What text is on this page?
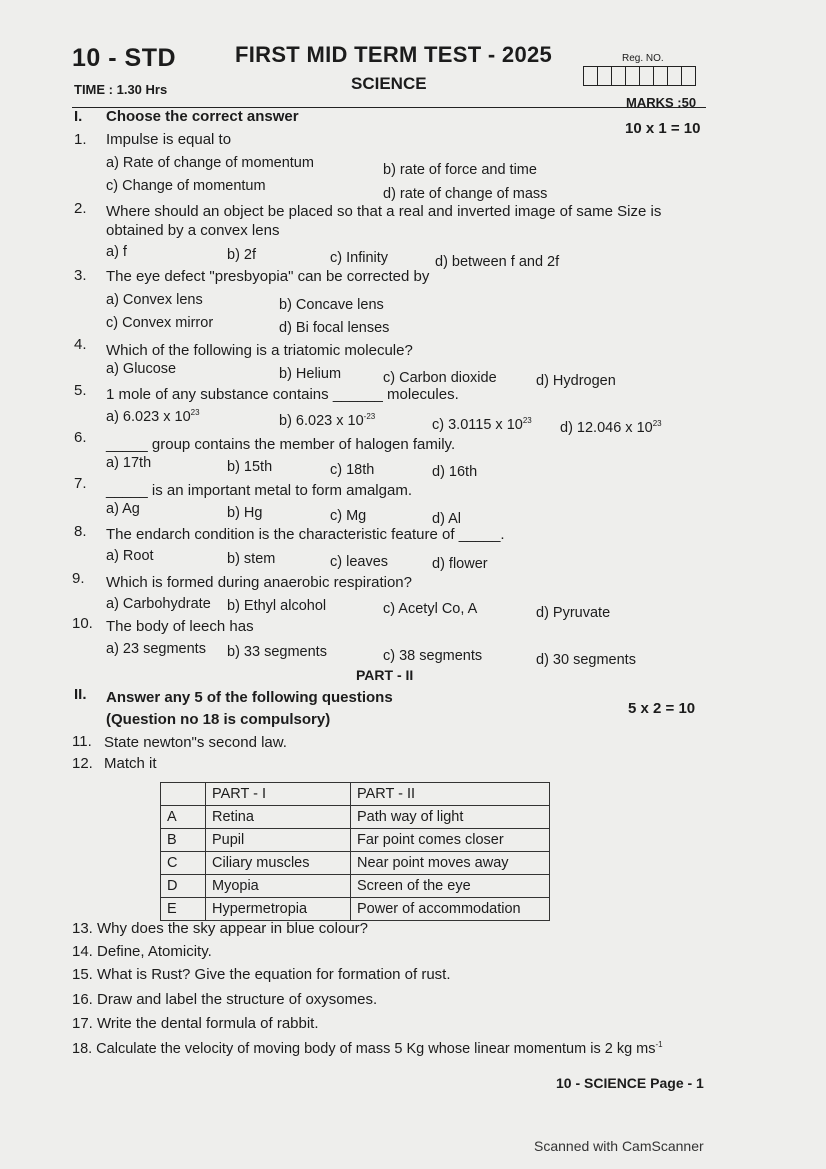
10 - STD
TIME : 1.30 Hrs
FIRST MID TERM TEST - 2025
SCIENCE
Reg. NO.
MARKS :50
I. Choose the correct answer
10 x 1 = 10
1. Impulse is equal to
a) Rate of change of momentum	b) rate of force and time
c) Change of momentum	d) rate of change of mass
2. Where should an object be placed so that a real and inverted image of same Size is
obtained by a convex lens
a) f	b) 2f	c) Infinity	d) between f and 2f
3. The eye defect "presbyopia" can be corrected by
a) Convex lens	b) Concave lens
c) Convex mirror	d) Bi focal lenses
4. Which of the following is a triatomic molecule?
a) Glucose	b) Helium	c) Carbon dioxide	d) Hydrogen
5. 1 mole of any substance contains ______ molecules.
a) 6.023 x $10^{23}$
b) 6.023 x $10^{-23}$
c) 3.0115 x $10^{23}$ d) 12.046 x $10^{23}$
6. _____ group contains the member of halogen family.
a) 17th	b) 15th	c) 18th	d) 16th
7. _____ is an important metal to form amalgam.
a) Ag	b) Hg	c) Mg	d) Al
8. The endarch condition is the characteristic feature of _____.
a) Root	b) stem	c) leaves	d) flower
9. Which is formed during anaerobic respiration?
a) Carbohydrate b) Ethyl alcohol	c) Acetyl Co, A	d) Pyruvate
10. The body of leech has
a) 23 segments b) 33 segments	c) 38 segments	d) 30 segments
PART - II
II. Answer any 5 of the following questions
(Question no 18 is compulsory)
5 x 2 = 10
11. State newton"s second law.
12. Match it
	PART - I	PART - II
A	Retina	Path way of light
B	Pupil	Far point comes closer
C	Ciliary muscles	Near point moves away
D	Myopia	Screen of the eye
E	Hypermetropia	Power of accommodation
13. Why does the sky appear in blue colour?
14. Define, Atomicity.
15. What is Rust? Give the equation for formation of rust.
16. Draw and label the structure of oxysomes.
17. Write the dental formula of rabbit.
18. Calculate the velocity of moving body of mass 5 Kg whose linear momentum is 2 kg $ms^{-1}$
10 - SCIENCE Page - 1
Scanned with CamScanner
